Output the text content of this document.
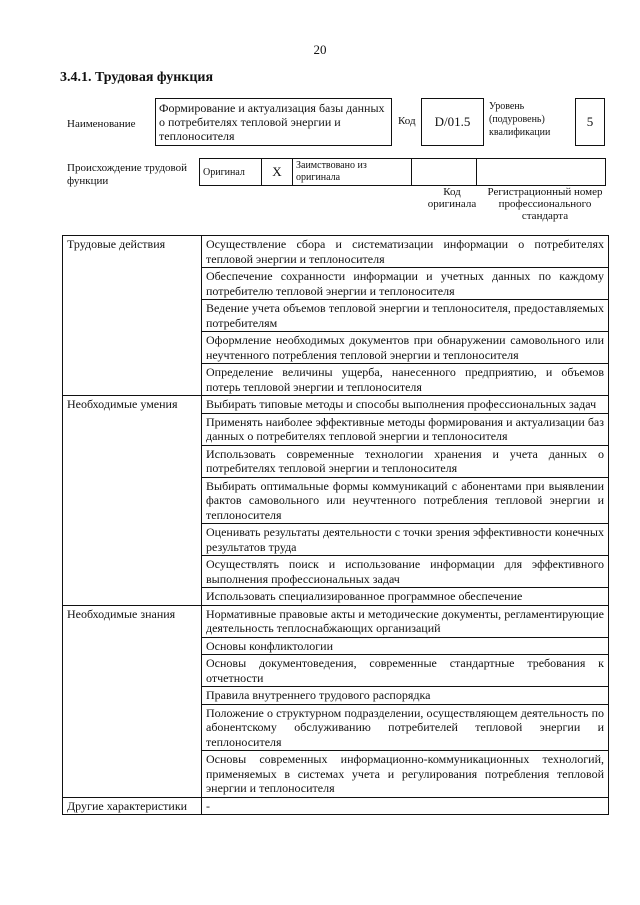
20
3.4.1. Трудовая функция
Наименование
Формирование и актуализация базы данных о потребителях тепловой энергии и теплоносителя
Код	D/01.5
Уровень (подуровень) квалификации
5
Происхождение трудовой функции
Оригинал	X	Заимствовано из оригинала		
Код оригинала
Регистрационный номер профессионального стандарта
Трудовые действия	Осуществление сбора и систематизации информации о потребителях тепловой энергии и теплоносителя
	Обеспечение сохранности информации и учетных данных по каждому потребителю тепловой энергии и теплоносителя
	Ведение учета объемов тепловой энергии и теплоносителя, предоставляемых потребителям
	Оформление необходимых документов при обнаружении самовольного или неучтенного потребления тепловой энергии и теплоносителя
	Определение величины ущерба, нанесенного предприятию, и объемов потерь тепловой энергии и теплоносителя
Необходимые умения	Выбирать типовые методы и способы выполнения профессиональных задач
	Применять наиболее эффективные методы формирования и актуализации баз данных о потребителях тепловой энергии и теплоносителя
	Использовать современные технологии хранения и учета данных о потребителях тепловой энергии и теплоносителя
	Выбирать оптимальные формы коммуникаций с абонентами при выявлении фактов самовольного или неучтенного потребления тепловой энергии и теплоносителя
	Оценивать результаты деятельности с точки зрения эффективности конечных результатов труда
	Осуществлять поиск и использование информации для эффективного выполнения профессиональных задач
	Использовать специализированное программное обеспечение
Необходимые знания	Нормативные правовые акты и методические документы, регламентирующие деятельность теплоснабжающих организаций
	Основы конфликтологии
	Основы документоведения, современные стандартные требования к отчетности
	Правила внутреннего трудового распорядка
	Положение о структурном подразделении, осуществляющем деятельность по абонентскому обслуживанию потребителей тепловой энергии и теплоносителя
	Основы современных информационно-коммуникационных технологий, применяемых в системах учета и регулирования потребления тепловой энергии и теплоносителя
Другие характеристики	-
